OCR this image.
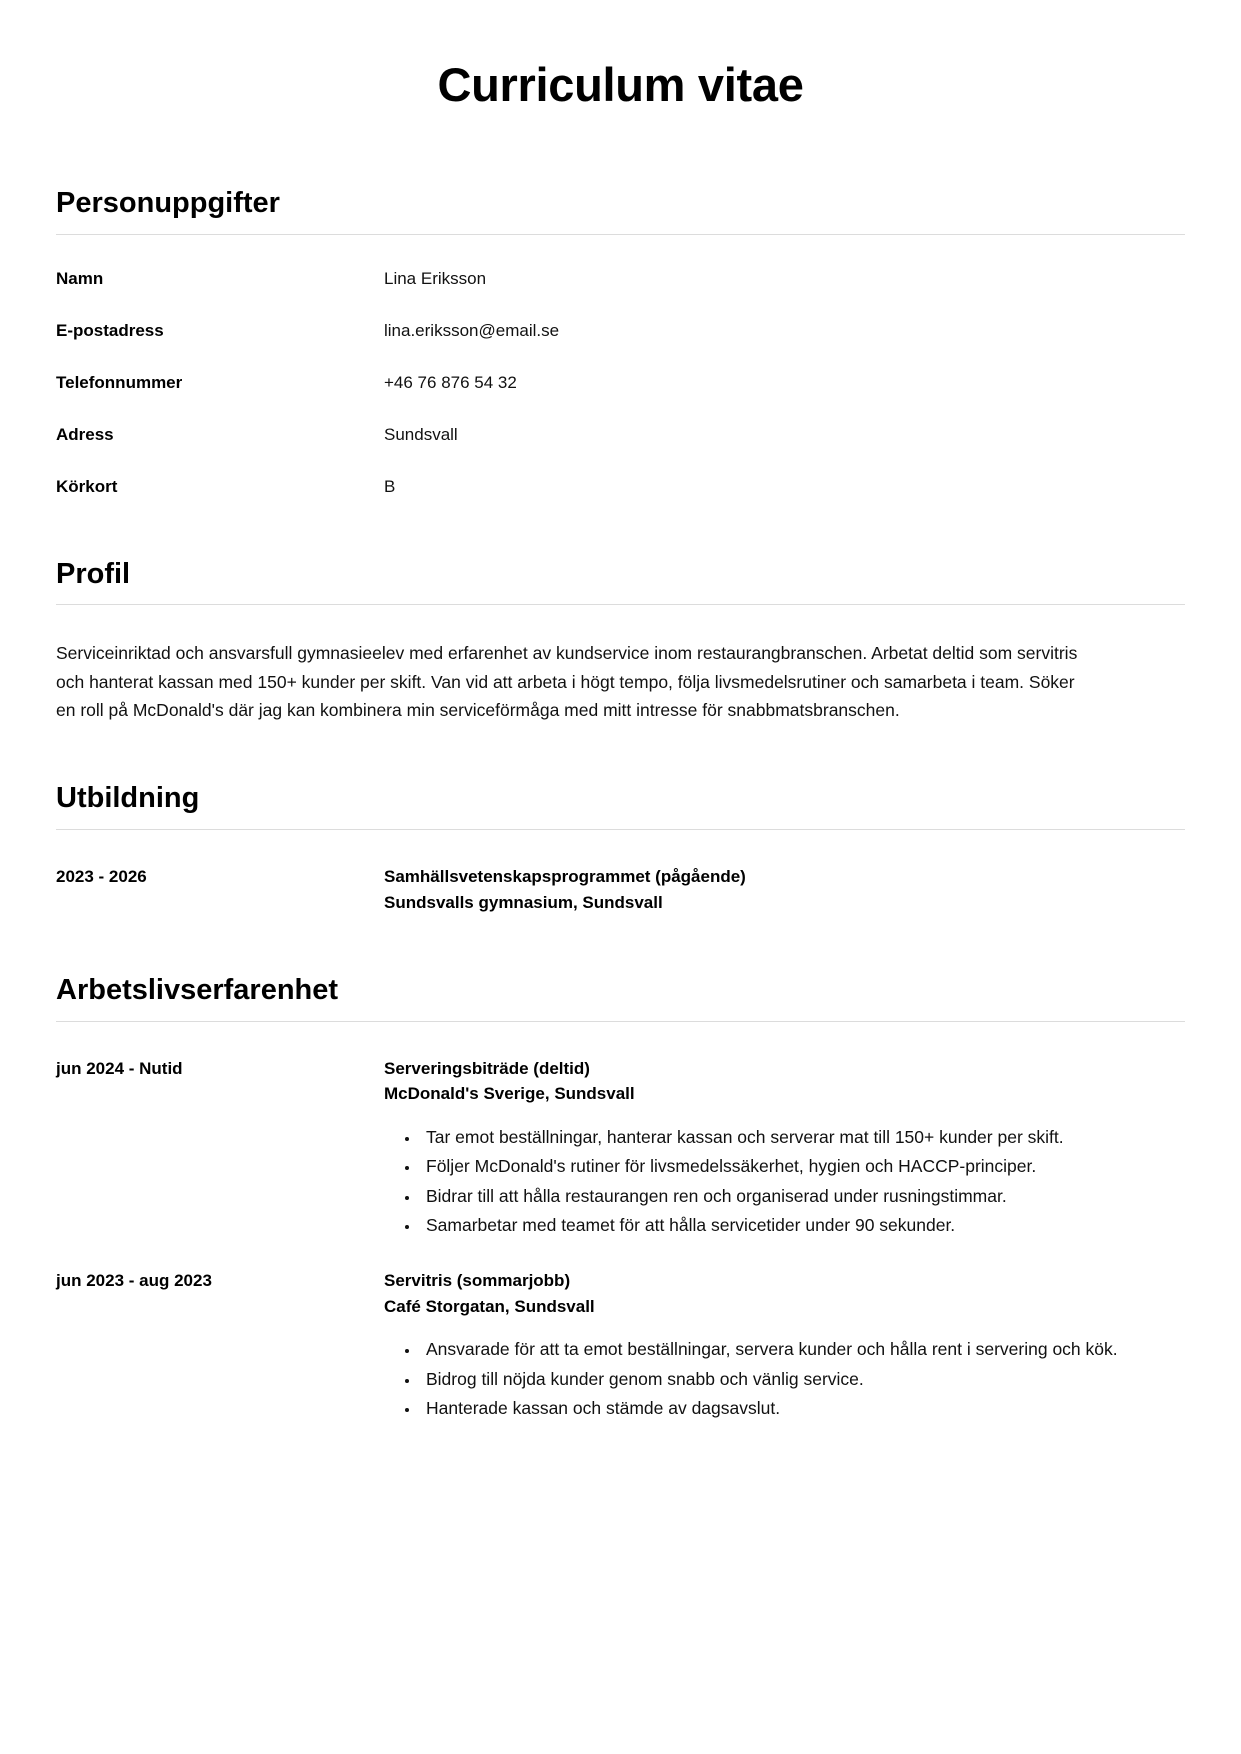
Curriculum vitae
Personuppgifter
Namn	Lina Eriksson
E-postadress	lina.eriksson@email.se
Telefonnummer	+46 76 876 54 32
Adress	Sundsvall
Körkort	B
Profil

Serviceinriktad och ansvarsfull gymnasieelev med erfarenhet av kundservice inom restaurangbranschen. Arbetat deltid som servitris och hanterat kassan med 150+ kunder per skift. Van vid att arbeta i högt tempo, följa livsmedelsrutiner och samarbeta i team. Söker en roll på McDonald's där jag kan kombinera min serviceförmåga med mitt intresse för snabbmatsbranschen.

Utbildning
2023 - 2026	Samhällsvetenskapsprogrammet (pågående)
Sundsvalls gymnasium, Sundsvall
Arbetslivserfarenhet
jun 2024 - Nutid	Serveringsbiträde (deltid)
McDonald's Sverige, Sundsvall
• Tar emot beställningar, hanterar kassan och serverar mat till 150+ kunder per skift.
• Följer McDonald's rutiner för livsmedelssäkerhet, hygien och HACCP-principer.
• Bidrar till att hålla restaurangen ren och organiserad under rusningstimmar.
• Samarbetar med teamet för att hålla servicetider under 90 sekunder.
jun 2023 - aug 2023	Servitris (sommarjobb)
Café Storgatan, Sundsvall
• Ansvarade för att ta emot beställningar, servera kunder och hålla rent i servering och kök.
• Bidrog till nöjda kunder genom snabb och vänlig service.
• Hanterade kassan och stämde av dagsavslut.
